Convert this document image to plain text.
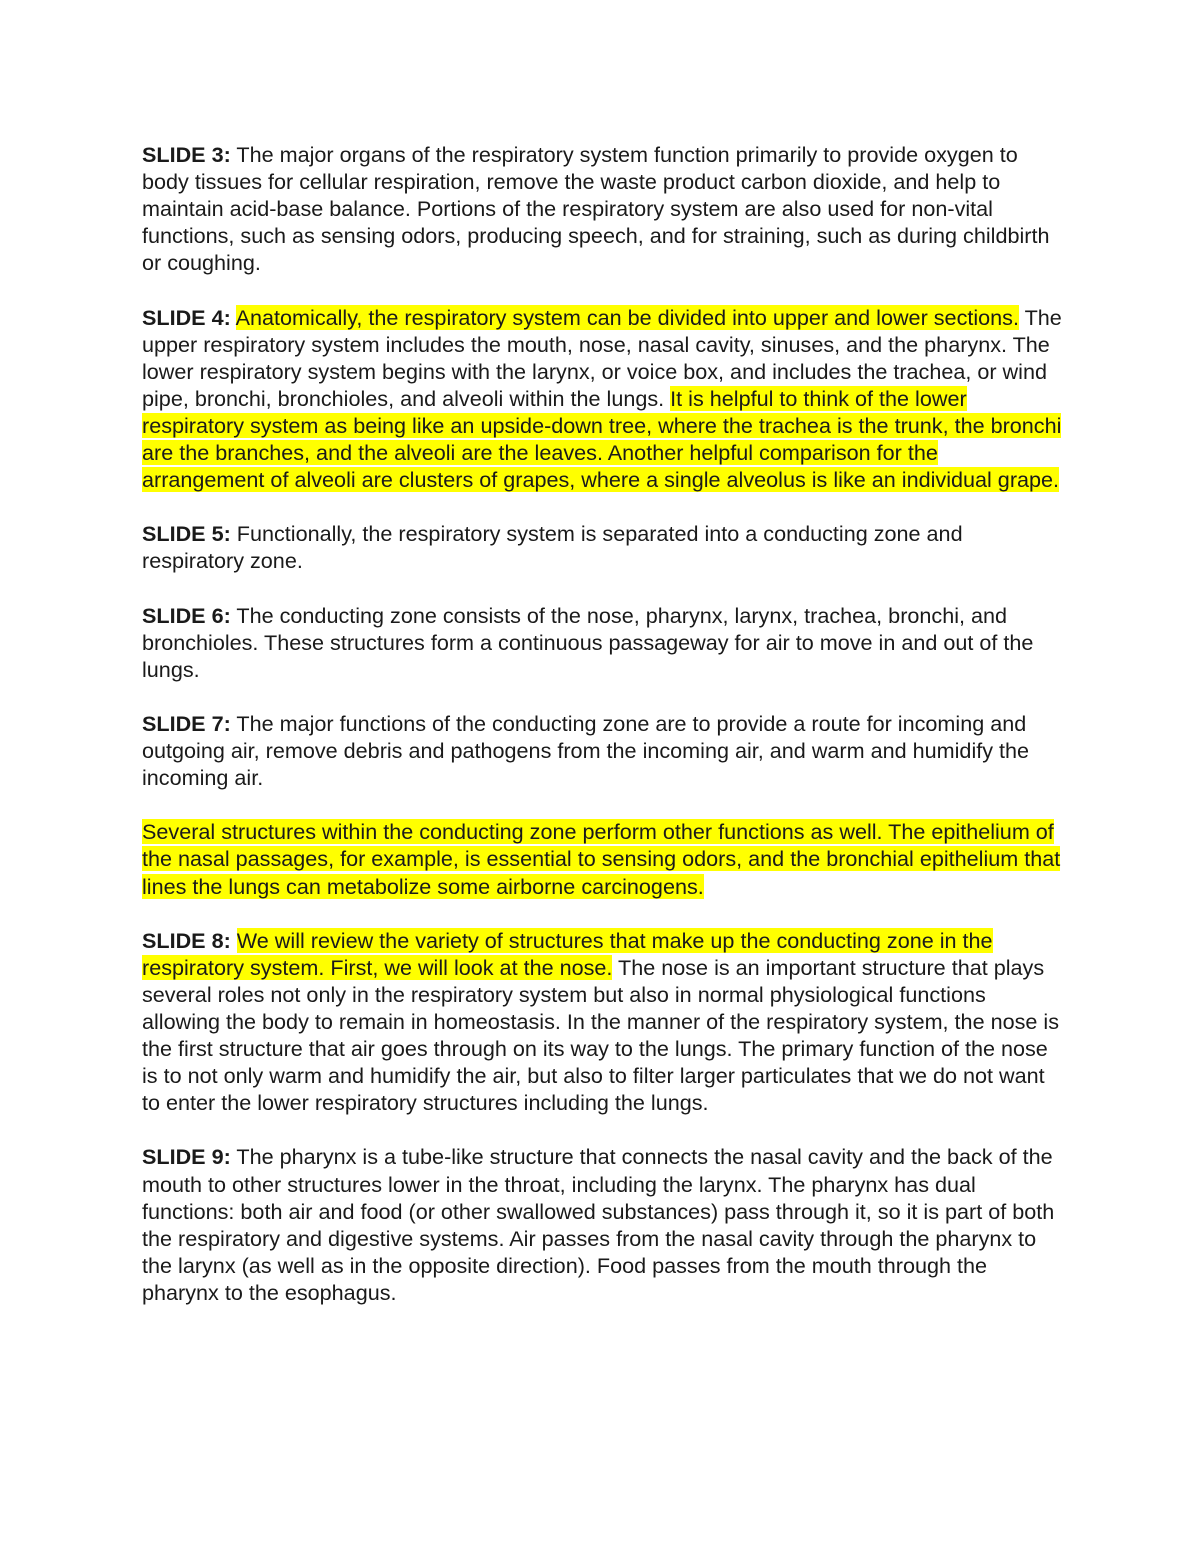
SLIDE 3: The major organs of the respiratory system function primarily to provide oxygen to body tissues for cellular respiration, remove the waste product carbon dioxide, and help to maintain acid-base balance. Portions of the respiratory system are also used for non-vital functions, such as sensing odors, producing speech, and for straining, such as during childbirth or coughing.

SLIDE 4: Anatomically, the respiratory system can be divided into upper and lower sections. The upper respiratory system includes the mouth, nose, nasal cavity, sinuses, and the pharynx. The lower respiratory system begins with the larynx, or voice box, and includes the trachea, or wind pipe, bronchi, bronchioles, and alveoli within the lungs. It is helpful to think of the lower respiratory system as being like an upside-down tree, where the trachea is the trunk, the bronchi are the branches, and the alveoli are the leaves. Another helpful comparison for the arrangement of alveoli are clusters of grapes, where a single alveolus is like an individual grape.

SLIDE 5: Functionally, the respiratory system is separated into a conducting zone and respiratory zone.

SLIDE 6: The conducting zone consists of the nose, pharynx, larynx, trachea, bronchi, and bronchioles. These structures form a continuous passageway for air to move in and out of the lungs.

SLIDE 7: The major functions of the conducting zone are to provide a route for incoming and outgoing air, remove debris and pathogens from the incoming air, and warm and humidify the incoming air.

Several structures within the conducting zone perform other functions as well. The epithelium of the nasal passages, for example, is essential to sensing odors, and the bronchial epithelium that lines the lungs can metabolize some airborne carcinogens.

SLIDE 8: We will review the variety of structures that make up the conducting zone in the respiratory system. First, we will look at the nose. The nose is an important structure that plays several roles not only in the respiratory system but also in normal physiological functions allowing the body to remain in homeostasis. In the manner of the respiratory system, the nose is the first structure that air goes through on its way to the lungs. The primary function of the nose is to not only warm and humidify the air, but also to filter larger particulates that we do not want to enter the lower respiratory structures including the lungs.

SLIDE 9: The pharynx is a tube-like structure that connects the nasal cavity and the back of the mouth to other structures lower in the throat, including the larynx. The pharynx has dual functions: both air and food (or other swallowed substances) pass through it, so it is part of both the respiratory and digestive systems. Air passes from the nasal cavity through the pharynx to the larynx (as well as in the opposite direction). Food passes from the mouth through the pharynx to the esophagus.
